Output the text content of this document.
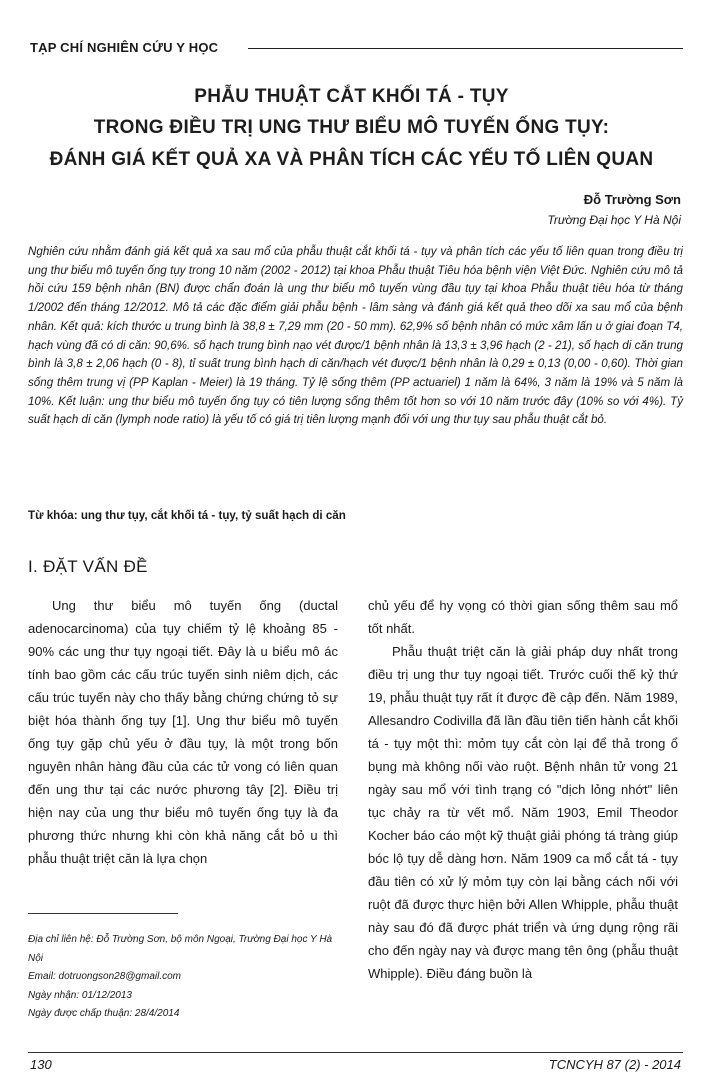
TẠP CHÍ NGHIÊN CỨU Y HỌC
PHẪU THUẬT CẮT KHỐI TÁ - TỤY
TRONG ĐIỀU TRỊ UNG THƯ BIỂU MÔ TUYẾN ỐNG TỤY:
ĐÁNH GIÁ KẾT QUẢ XA VÀ PHÂN TÍCH CÁC YẾU TỐ LIÊN QUAN
Đỗ Trường Sơn
Trường Đại học Y Hà Nội
Nghiên cứu nhằm đánh giá kết quả xa sau mổ của phẫu thuật cắt khối tá - tụy và phân tích các yếu tố liên quan trong điều trị ung thư biểu mô tuyến ống tụy trong 10 năm (2002 - 2012) tại khoa Phẫu thuật Tiêu hóa bệnh viện Việt Đức. Nghiên cứu mô tả hồi cứu 159 bệnh nhân (BN) được chẩn đoán là ung thư biểu mô tuyến vùng đầu tụy tại khoa Phẫu thuật tiêu hóa từ tháng 1/2002 đến tháng 12/2012. Mô tả các đặc điểm giải phẫu bệnh - lâm sàng và đánh giá kết quả theo dõi xa sau mổ của bệnh nhân. Kết quả: kích thước u trung bình là 38,8 ± 7,29 mm (20 - 50 mm). 62,9% số bệnh nhân có mức xâm lấn u ở giai đoạn T4, hạch vùng đã có di căn: 90,6%. số hạch trung bình nạo vét được/1 bệnh nhân là 13,3 ± 3,96 hạch (2 - 21), số hạch di căn trung bình là 3,8 ± 2,06 hạch (0 - 8), tỉ suất trung bình hạch di căn/hạch vét được/1 bệnh nhân là 0,29 ± 0,13 (0,00 - 0,60). Thời gian sống thêm trung vị (PP Kaplan - Meier) là 19 tháng. Tỷ lệ sống thêm (PP actuariel) 1 năm là 64%, 3 năm là 19% và 5 năm là 10%. Kết luận: ung thư biểu mô tuyến ống tụy có tiên lượng sống thêm tốt hơn so với 10 năm trước đây (10% so với 4%). Tỷ suất hạch di căn (lymph node ratio) là yếu tố có giá trị tiên lượng mạnh đối với ung thư tụy sau phẫu thuật cắt bỏ.
Từ khóa: ung thư tụy, cắt khối tá - tụy, tỷ suất hạch di căn
I. ĐẶT VẤN ĐỀ

Ung thư biểu mô tuyến ống (ductal adenocarcinoma) của tụy chiếm tỷ lệ khoảng 85 - 90% các ung thư tụy ngoại tiết. Đây là u biểu mô ác tính bao gồm các cấu trúc tuyến sinh niêm dịch, các cấu trúc tuyến này cho thấy bằng chứng chứng tỏ sự biệt hóa thành ống tụy [1]. Ung thư biểu mô tuyến ống tụy gặp chủ yếu ở đầu tụy, là một trong bốn nguyên nhân hàng đầu của các tử vong có liên quan đến ung thư tại các nước phương tây [2]. Điều trị hiện nay của ung thư biểu mô tuyến ống tụy là đa phương thức nhưng khi còn khả năng cắt bỏ u thì phẫu thuật triệt căn là lựa chọn

chủ yếu để hy vọng có thời gian sống thêm sau mổ tốt nhất.

Phẫu thuật triệt căn là giải pháp duy nhất trong điều trị ung thư tụy ngoại tiết. Trước cuối thế kỷ thứ 19, phẫu thuật tụy rất ít được đề cập đến. Năm 1989, Allesandro Codivilla đã lần đầu tiên tiến hành cắt khối tá - tụy một thì: mỏm tụy cắt còn lại để thả trong ổ bụng mà không nối vào ruột. Bệnh nhân tử vong 21 ngày sau mổ với tình trạng có "dịch lỏng nhớt" liên tục chảy ra từ vết mổ. Năm 1903, Emil Theodor Kocher báo cáo một kỹ thuật giải phóng tá tràng giúp bóc lộ tụy dễ dàng hơn. Năm 1909 ca mổ cắt tá - tụy đầu tiên có xử lý mỏm tụy còn lại bằng cách nối với ruột đã được thực hiện bởi Allen Whipple, phẫu thuật này sau đó đã được phát triển và ứng dụng rộng rãi cho đến ngày nay và được mang tên ông (phẫu thuật Whipple). Điều đáng buồn là

Địa chỉ liên hệ: Đỗ Trường Sơn, bộ môn Ngoại, Trường Đại học Y Hà Nội
Email: dotruongson28@gmail.com
Ngày nhận: 01/12/2013
Ngày được chấp thuận: 28/4/2014
130	TCNCYH 87 (2) - 2014
